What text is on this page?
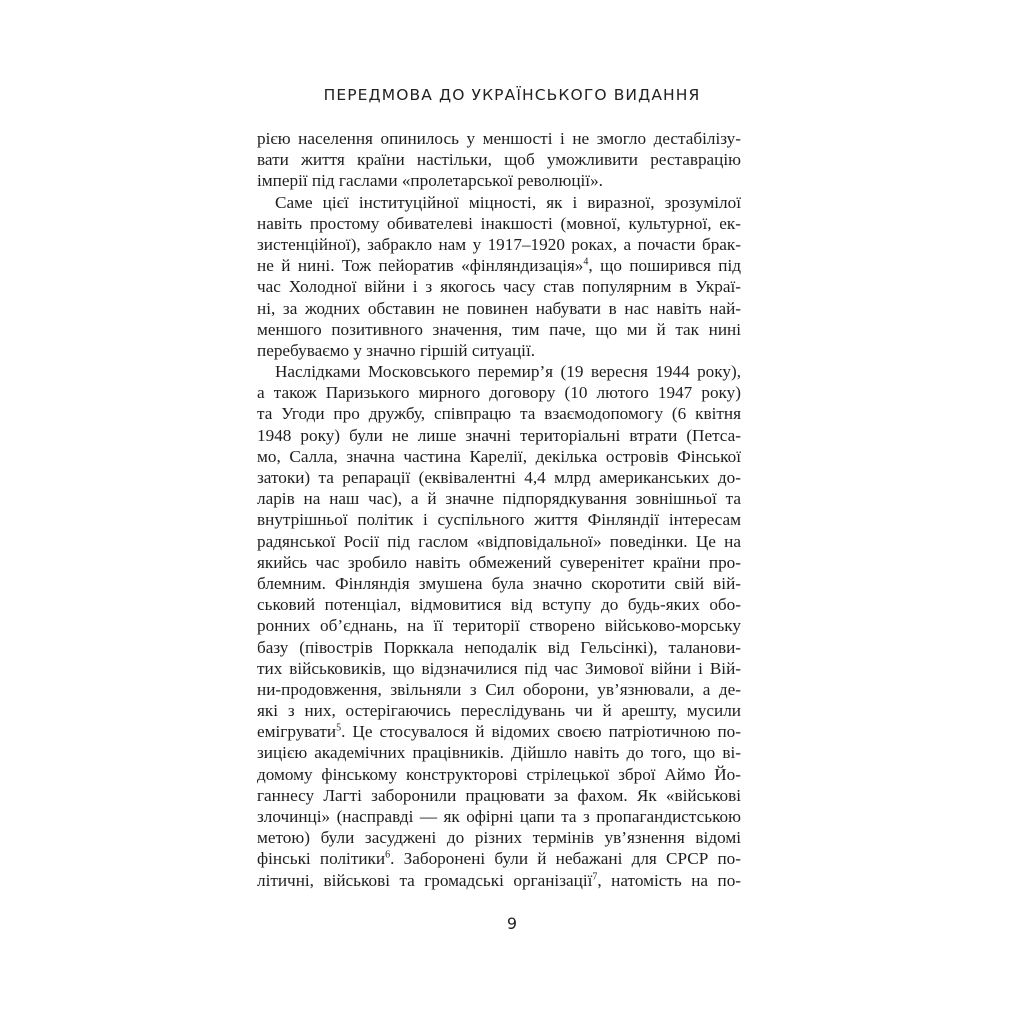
ПЕРЕДМОВА ДО УКРАЇНСЬКОГО ВИДАННЯ
рією населення опинилось у меншості і не змогло дестабілізу-
вати життя країни настільки, щоб уможливити реставрацію
імперії під гаслами «пролетарської революції».
Саме цієї інституційної міцності, як і виразної, зрозумілої
навіть простому обивателеві інакшості (мовної, культурної, ек-
зистенційної), забракло нам у 1917–1920 роках, а почасти брак-
не й нині. Тож пейоратив «фінляндизація»$^4$, що поширився під
час Холодної війни і з якогось часу став популярним в Украї-
ні, за жодних обставин не повинен набувати в нас навіть най-
меншого позитивного значення, тим паче, що ми й так нині
перебуваємо у значно гіршій ситуації.
Наслідками Московського перемир’я (19 вересня 1944 року),
а також Паризького мирного договору (10 лютого 1947 року)
та Угоди про дружбу, співпрацю та взаємодопомогу (6 квітня
1948 року) були не лише значні територіальні втрати (Петса-
мо, Салла, значна частина Карелії, декілька островів Фінської
затоки) та репарації (еквівалентні 4,4 млрд американських до-
ларів на наш час), а й значне підпорядкування зовнішньої та
внутрішньої політик і суспільного життя Фінляндії інтересам
радянської Росії під гаслом «відповідальної» поведінки. Це на
якийсь час зробило навіть обмежений суверенітет країни про-
блемним. Фінляндія змушена була значно скоротити свій вій-
ськовий потенціал, відмовитися від вступу до будь-яких обо-
ронних об’єднань, на її території створено військово-морську
базу (півострів Порккала неподалік від Гельсінкі), таланови-
тих військовиків, що відзначилися під час Зимової війни і Вій-
ни-продовження, звільняли з Сил оборони, ув’язнювали, а де-
які з них, остерігаючись переслідувань чи й арешту, мусили
емігрувати$^5$. Це стосувалося й відомих своєю патріотичною по-
зицією академічних працівників. Дійшло навіть до того, що ві-
домому фінському конструкторові стрілецької зброї Аймо Йо-
ганнесу Лагті заборонили працювати за фахом. Як «військові
злочинці» (насправді — як офірні цапи та з пропагандистською
метою) були засуджені до різних термінів ув’язнення відомі
фінські політики$^6$. Заборонені були й небажані для СРСР по-
літичні, військові та громадські організації$^7$, натомість на по-
9
